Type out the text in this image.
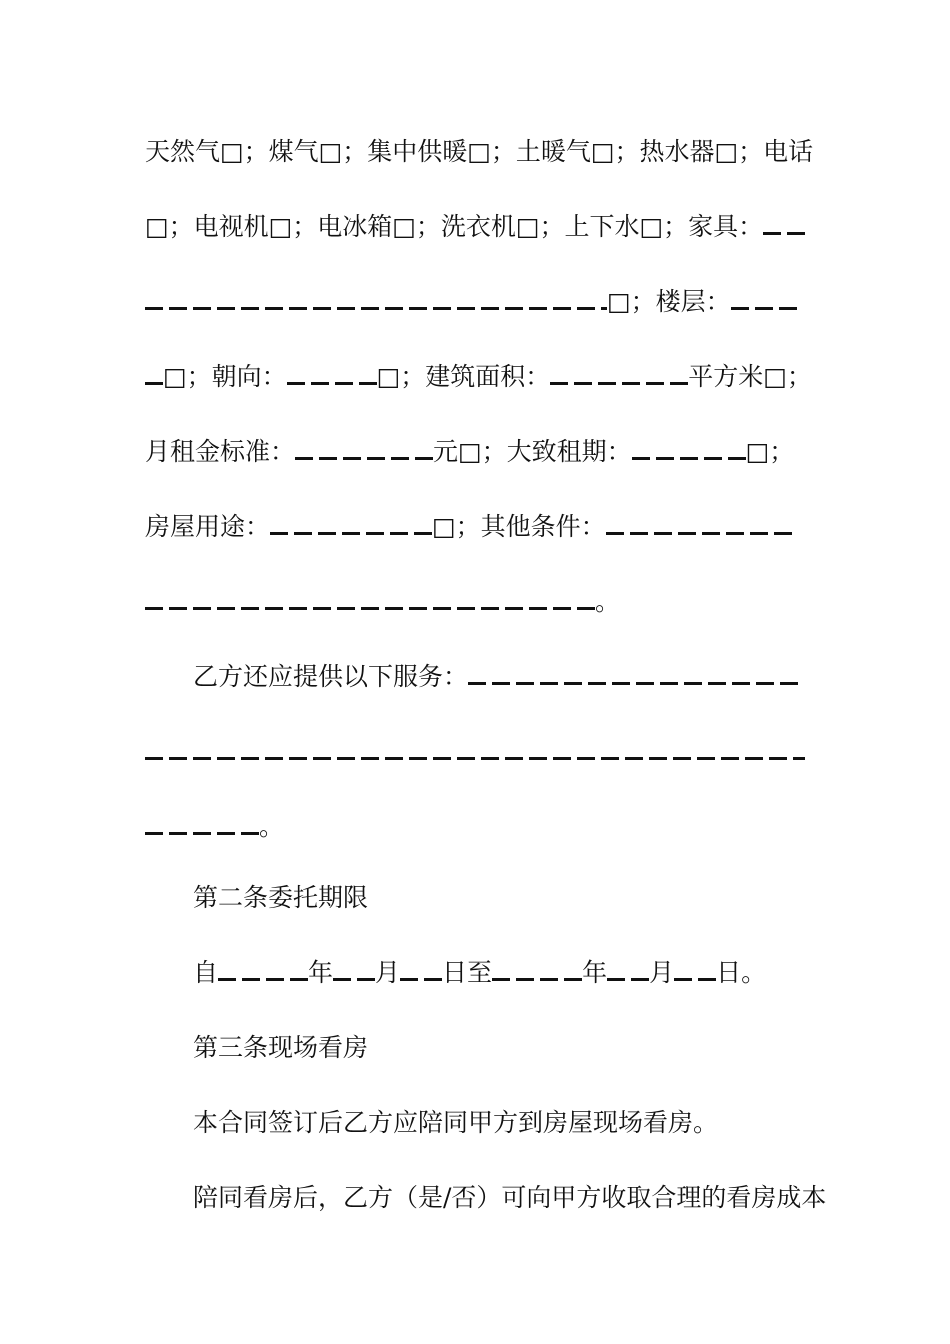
天然气□；煤气□；集中供暖□；土暖气□；热水器□；电话
□；电视机□；电冰箱□；洗衣机□；上下水□；家具：
□；楼层：
□；朝向：	□；建筑面积：	平方米□；
月租金标准：	元□；大致租期：	□；
房屋用途：	□；其他条件：
。
乙方还应提供以下服务：
。
第二条委托期限
自	年 月 日至	年 月 日。
第三条现场看房
本合同签订后乙方应陪同甲方到房屋现场看房。
陪同看房后，乙方（是/否）可向甲方收取合理的看房成本
